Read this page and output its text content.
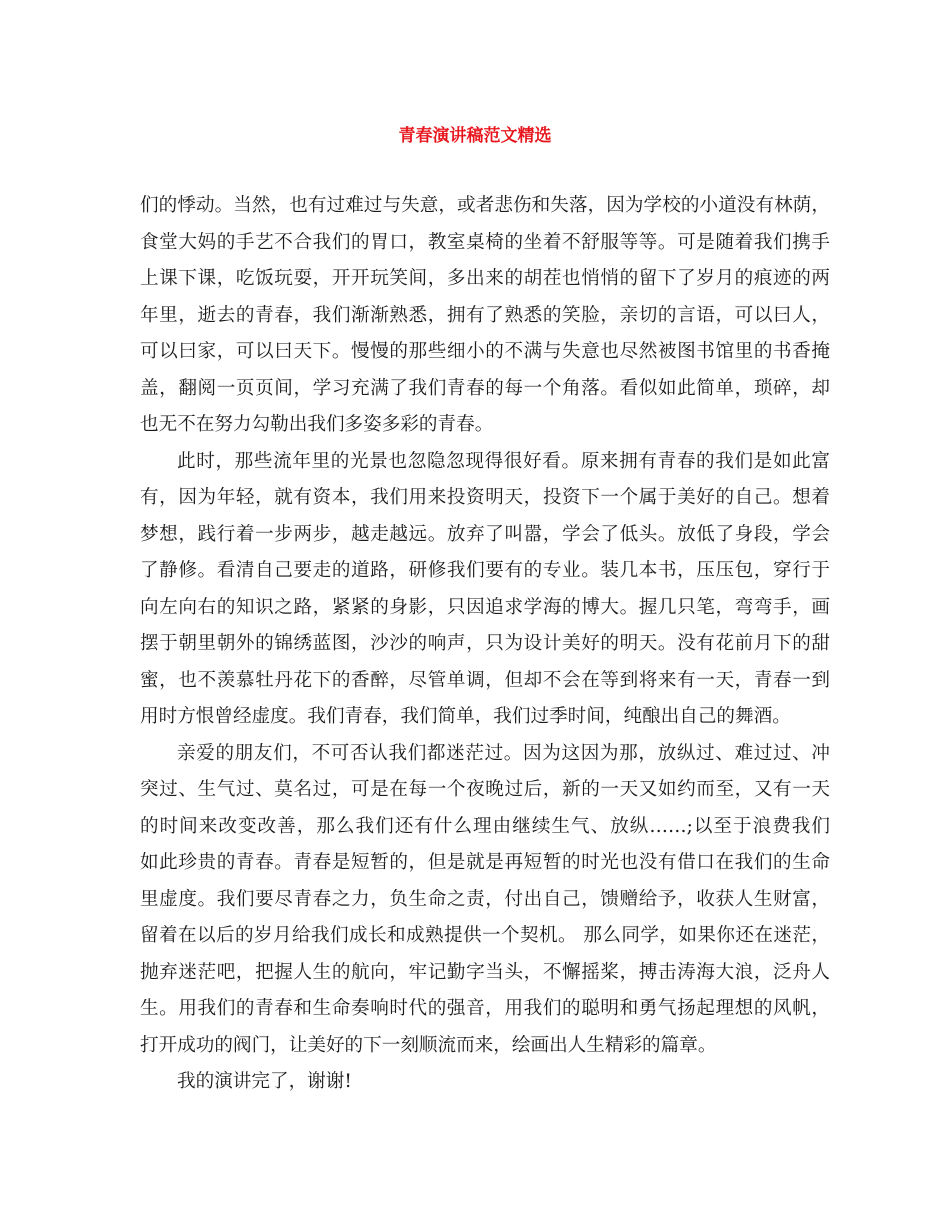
青春演讲稿范文精选
们的悸动。当然，也有过难过与失意，或者悲伤和失落，因为学校的小道没有林荫，
食堂大妈的手艺不合我们的胃口，教室桌椅的坐着不舒服等等。可是随着我们携手
上课下课，吃饭玩耍，开开玩笑间，多出来的胡茬也悄悄的留下了岁月的痕迹的两
年里，逝去的青春，我们渐渐熟悉，拥有了熟悉的笑脸，亲切的言语，可以曰人，
可以曰家，可以曰天下。慢慢的那些细小的不满与失意也尽然被图书馆里的书香掩
盖，翻阅一页页间，学习充满了我们青春的每一个角落。看似如此简单，琐碎，却
也无不在努力勾勒出我们多姿多彩的青春。
此时，那些流年里的光景也忽隐忽现得很好看。原来拥有青春的我们是如此富
有，因为年轻，就有资本，我们用来投资明天，投资下一个属于美好的自己。想着
梦想，践行着一步两步，越走越远。放弃了叫嚣，学会了低头。放低了身段，学会
了静修。看清自己要走的道路，研修我们要有的专业。装几本书，压压包，穿行于
向左向右的知识之路，紧紧的身影，只因追求学海的博大。握几只笔，弯弯手，画
摆于朝里朝外的锦绣蓝图，沙沙的响声，只为设计美好的明天。没有花前月下的甜
蜜，也不羡慕牡丹花下的香醉，尽管单调，但却不会在等到将来有一天，青春一到
用时方恨曾经虚度。我们青春，我们简单，我们过季时间，纯酿出自己的舞酒。
亲爱的朋友们，不可否认我们都迷茫过。因为这因为那，放纵过、难过过、冲
突过、生气过、莫名过，可是在每一个夜晚过后，新的一天又如约而至，又有一天
的时间来改变改善，那么我们还有什么理由继续生气、放纵……;以至于浪费我们
如此珍贵的青春。青春是短暂的，但是就是再短暂的时光也没有借口在我们的生命
里虚度。我们要尽青春之力，负生命之责，付出自己，馈赠给予，收获人生财富，
留着在以后的岁月给我们成长和成熟提供一个契机。 那么同学，如果你还在迷茫，
抛弃迷茫吧，把握人生的航向，牢记勤字当头，不懈摇桨，搏击涛海大浪，泛舟人
生。用我们的青春和生命奏响时代的强音，用我们的聪明和勇气扬起理想的风帆，
打开成功的阀门，让美好的下一刻顺流而来，绘画出人生精彩的篇章。
我的演讲完了，谢谢!
